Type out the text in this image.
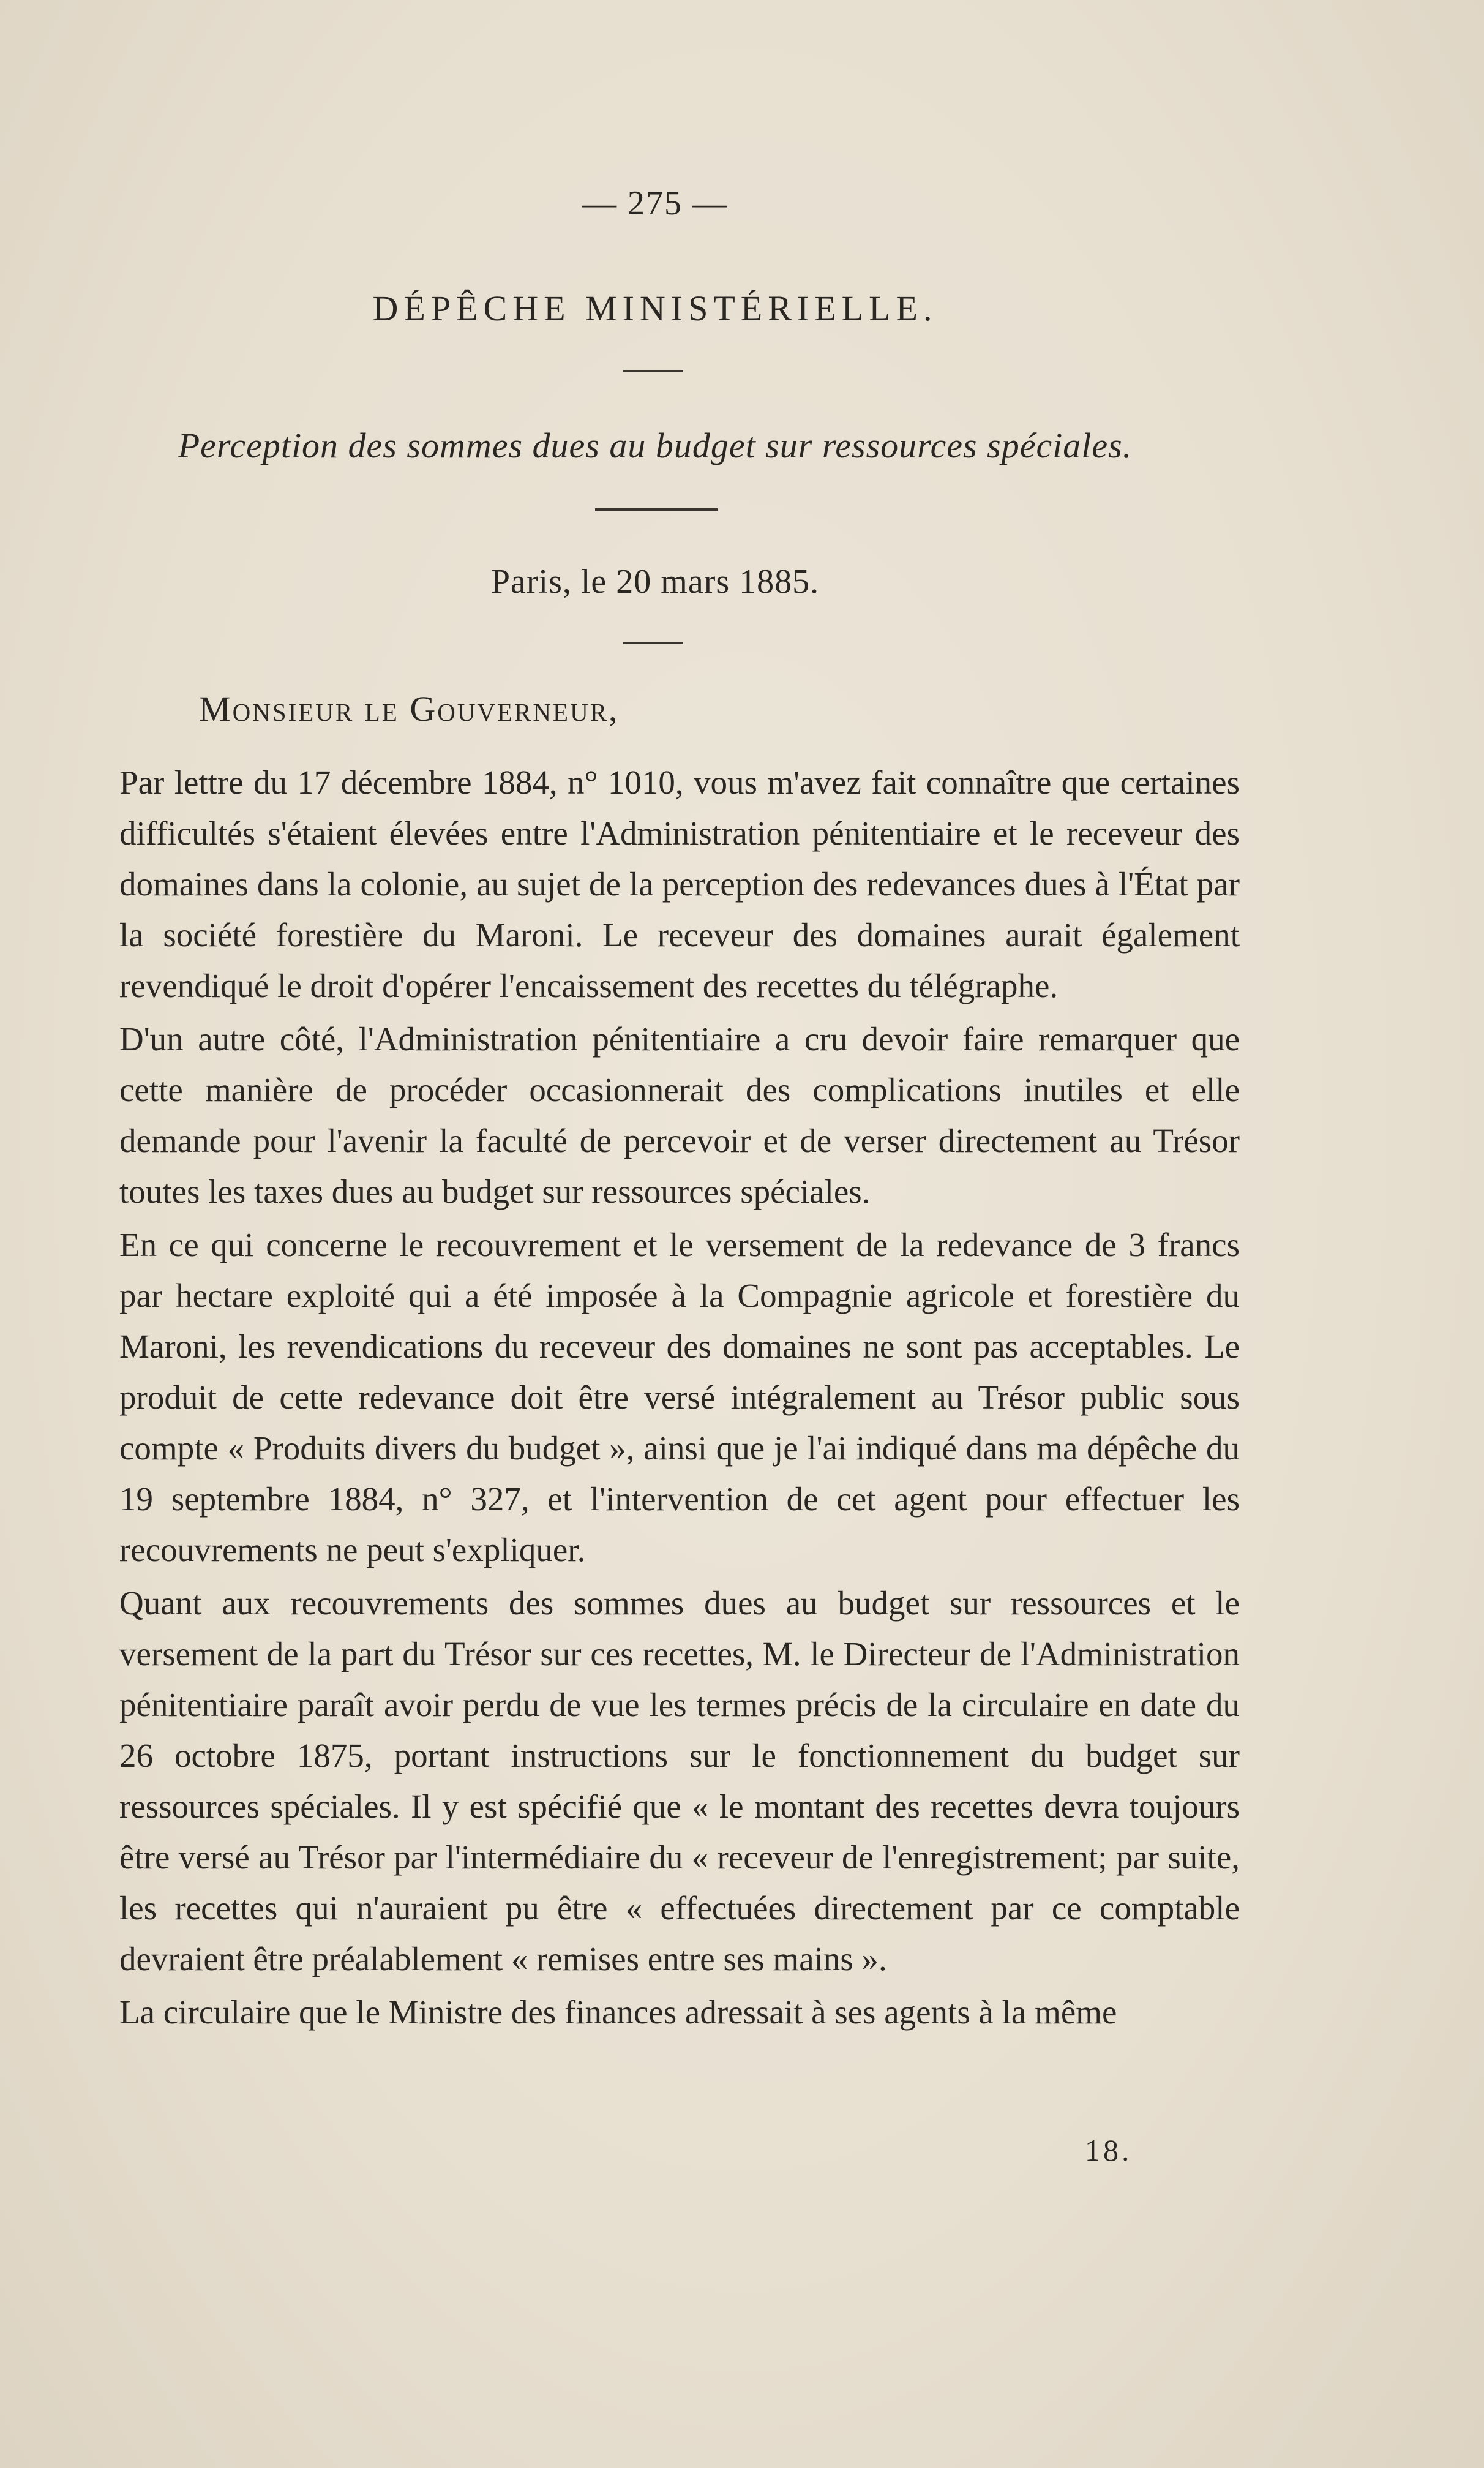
— 275 —
DÉPÊCHE MINISTÉRIELLE.
Perception des sommes dues au budget sur ressources spéciales.
Paris, le 20 mars 1885.
Monsieur le Gouverneur,

Par lettre du 17 décembre 1884, n° 1010, vous m'avez fait connaître que certaines difficultés s'étaient élevées entre l'Administration pénitentiaire et le receveur des domaines dans la colonie, au sujet de la perception des redevances dues à l'État par la société forestière du Maroni. Le receveur des domaines aurait également revendiqué le droit d'opérer l'encaissement des recettes du télégraphe.

D'un autre côté, l'Administration pénitentiaire a cru devoir faire remarquer que cette manière de procéder occasionnerait des complications inutiles et elle demande pour l'avenir la faculté de percevoir et de verser directement au Trésor toutes les taxes dues au budget sur ressources spéciales.

En ce qui concerne le recouvrement et le versement de la redevance de 3 francs par hectare exploité qui a été imposée à la Compagnie agricole et forestière du Maroni, les revendications du receveur des domaines ne sont pas acceptables. Le produit de cette redevance doit être versé intégralement au Trésor public sous compte « Produits divers du budget », ainsi que je l'ai indiqué dans ma dépêche du 19 septembre 1884, n° 327, et l'intervention de cet agent pour effectuer les recouvrements ne peut s'expliquer.

Quant aux recouvrements des sommes dues au budget sur ressources et le versement de la part du Trésor sur ces recettes, M. le Directeur de l'Administration pénitentiaire paraît avoir perdu de vue les termes précis de la circulaire en date du 26 octobre 1875, portant instructions sur le fonctionnement du budget sur ressources spéciales. Il y est spécifié que « le montant des recettes devra toujours être versé au Trésor par l'intermédiaire du « receveur de l'enregistrement; par suite, les recettes qui n'auraient pu être « effectuées directement par ce comptable devraient être préalablement « remises entre ses mains ».

La circulaire que le Ministre des finances adressait à ses agents à la même

18.
